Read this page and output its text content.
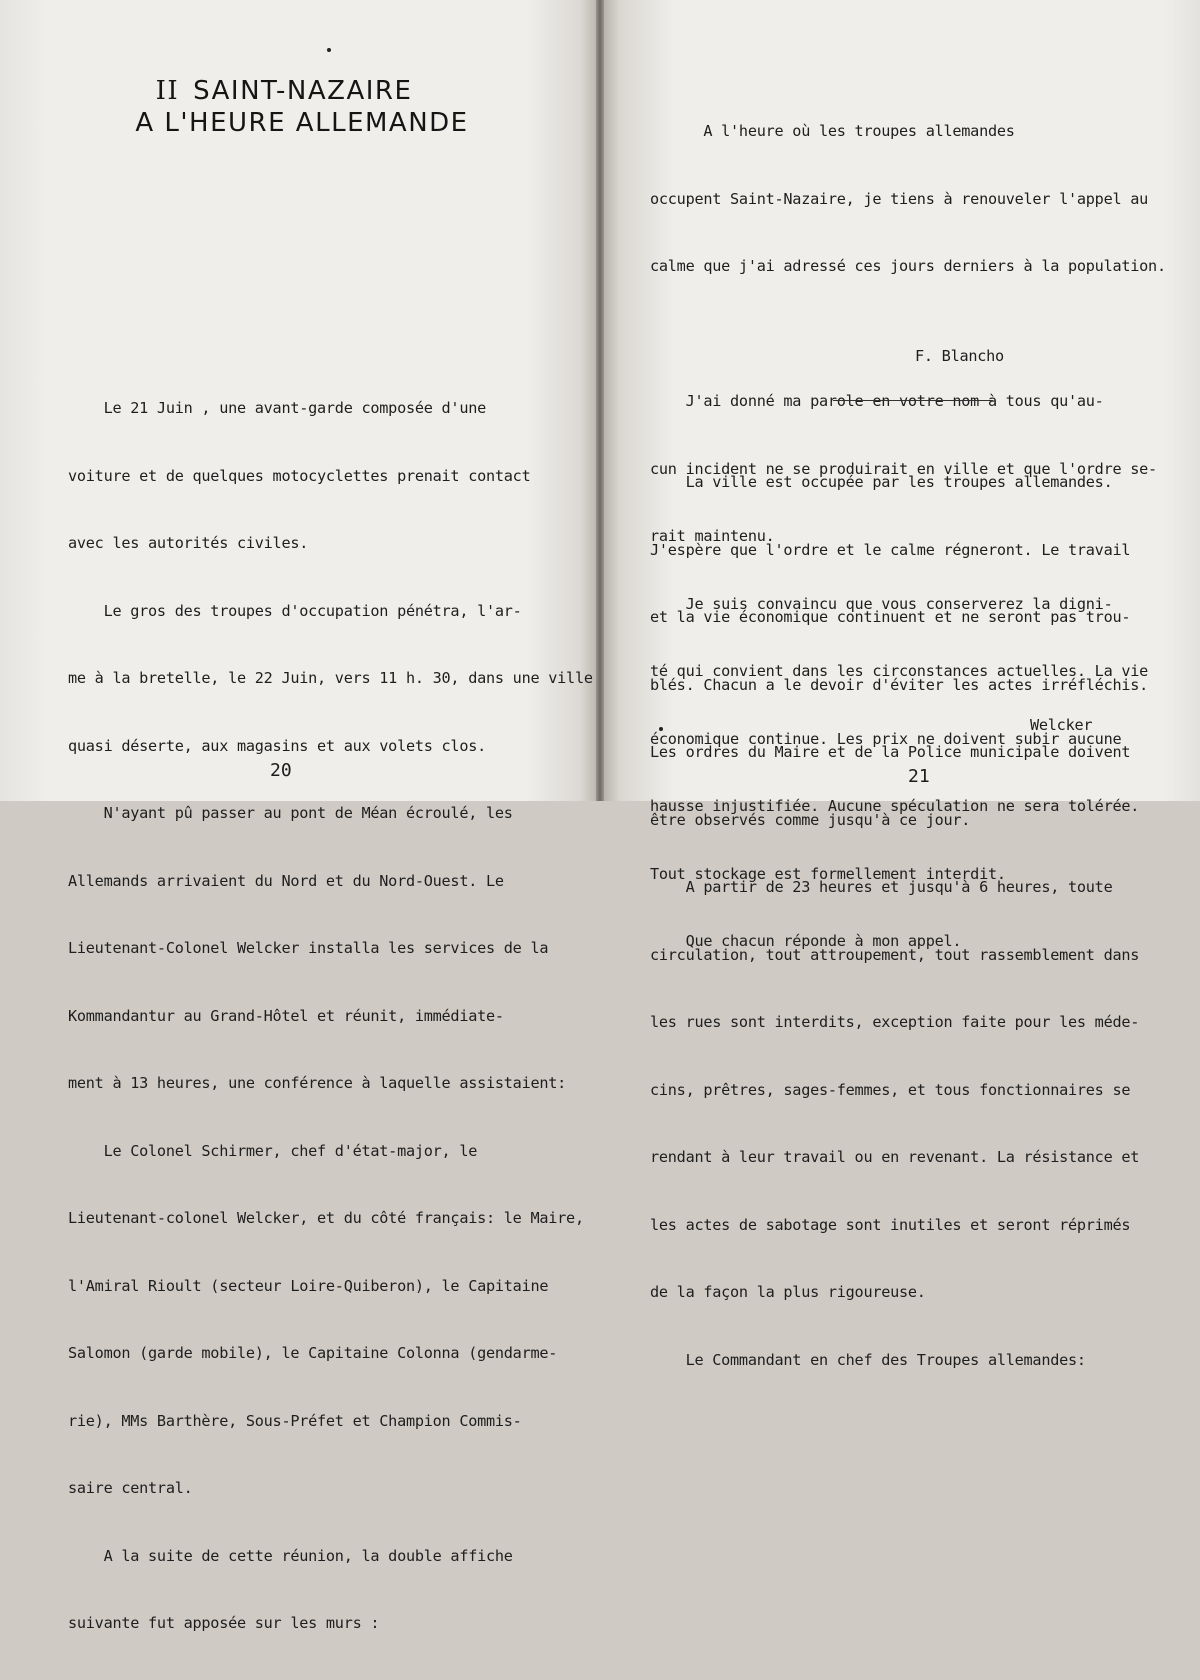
II SAINT-NAZAIRE
A L'HEURE ALLEMANDE

Le 21 Juin , une avant-garde composée d'une

voiture et de quelques motocyclettes prenait contact

avec les autorités civiles.

Le gros des troupes d'occupation pénétra, l'ar-

me à la bretelle, le 22 Juin, vers 11 h. 30, dans une ville

quasi déserte, aux magasins et aux volets clos.

N'ayant pû passer au pont de Méan écroulé, les

Allemands arrivaient du Nord et du Nord-Ouest. Le

Lieutenant-Colonel Welcker installa les services de la

Kommandantur au Grand-Hôtel et réunit, immédiate-

ment à 13 heures, une conférence à laquelle assistaient:

Le Colonel Schirmer, chef d'état-major, le

Lieutenant-colonel Welcker, et du côté français: le Maire,

l'Amiral Rioult (secteur Loire-Quiberon), le Capitaine

Salomon (garde mobile), le Capitaine Colonna (gendarme-

rie), MMs Barthère, Sous-Préfet et Champion Commis-

saire central.

A la suite de cette réunion, la double affiche

suivante fut apposée sur les murs :

20

A l'heure où les troupes allemandes

occupent Saint-Nazaire, je tiens à renouveler l'appel au

calme que j'ai adressé ces jours derniers à la population.

J'ai donné ma parole en votre nom à tous qu'au-

cun incident ne se produirait en ville et que l'ordre se-

rait maintenu.

Je suis convaincu que vous conserverez la digni-

té qui convient dans les circonstances actuelles. La vie

économique continue. Les prix ne doivent subir aucune

hausse injustifiée. Aucune spéculation ne sera tolérée.

Tout stockage est formellement interdit.

Que chacun réponde à mon appel.

F. Blancho

La ville est occupée par les troupes allemandes.

J'espère que l'ordre et le calme régneront. Le travail

et la vie économique continuent et ne seront pas trou-

blés. Chacun a le devoir d'éviter les actes irréfléchis.

Les ordres du Maire et de la Police municipale doivent

être observés comme jusqu'à ce jour.

A partir de 23 heures et jusqu'à 6 heures, toute

circulation, tout attroupement, tout rassemblement dans

les rues sont interdits, exception faite pour les méde-

cins, prêtres, sages-femmes, et tous fonctionnaires se

rendant à leur travail ou en revenant. La résistance et

les actes de sabotage sont inutiles et seront réprimés

de la façon la plus rigoureuse.

Le Commandant en chef des Troupes allemandes:

Welcker
21
